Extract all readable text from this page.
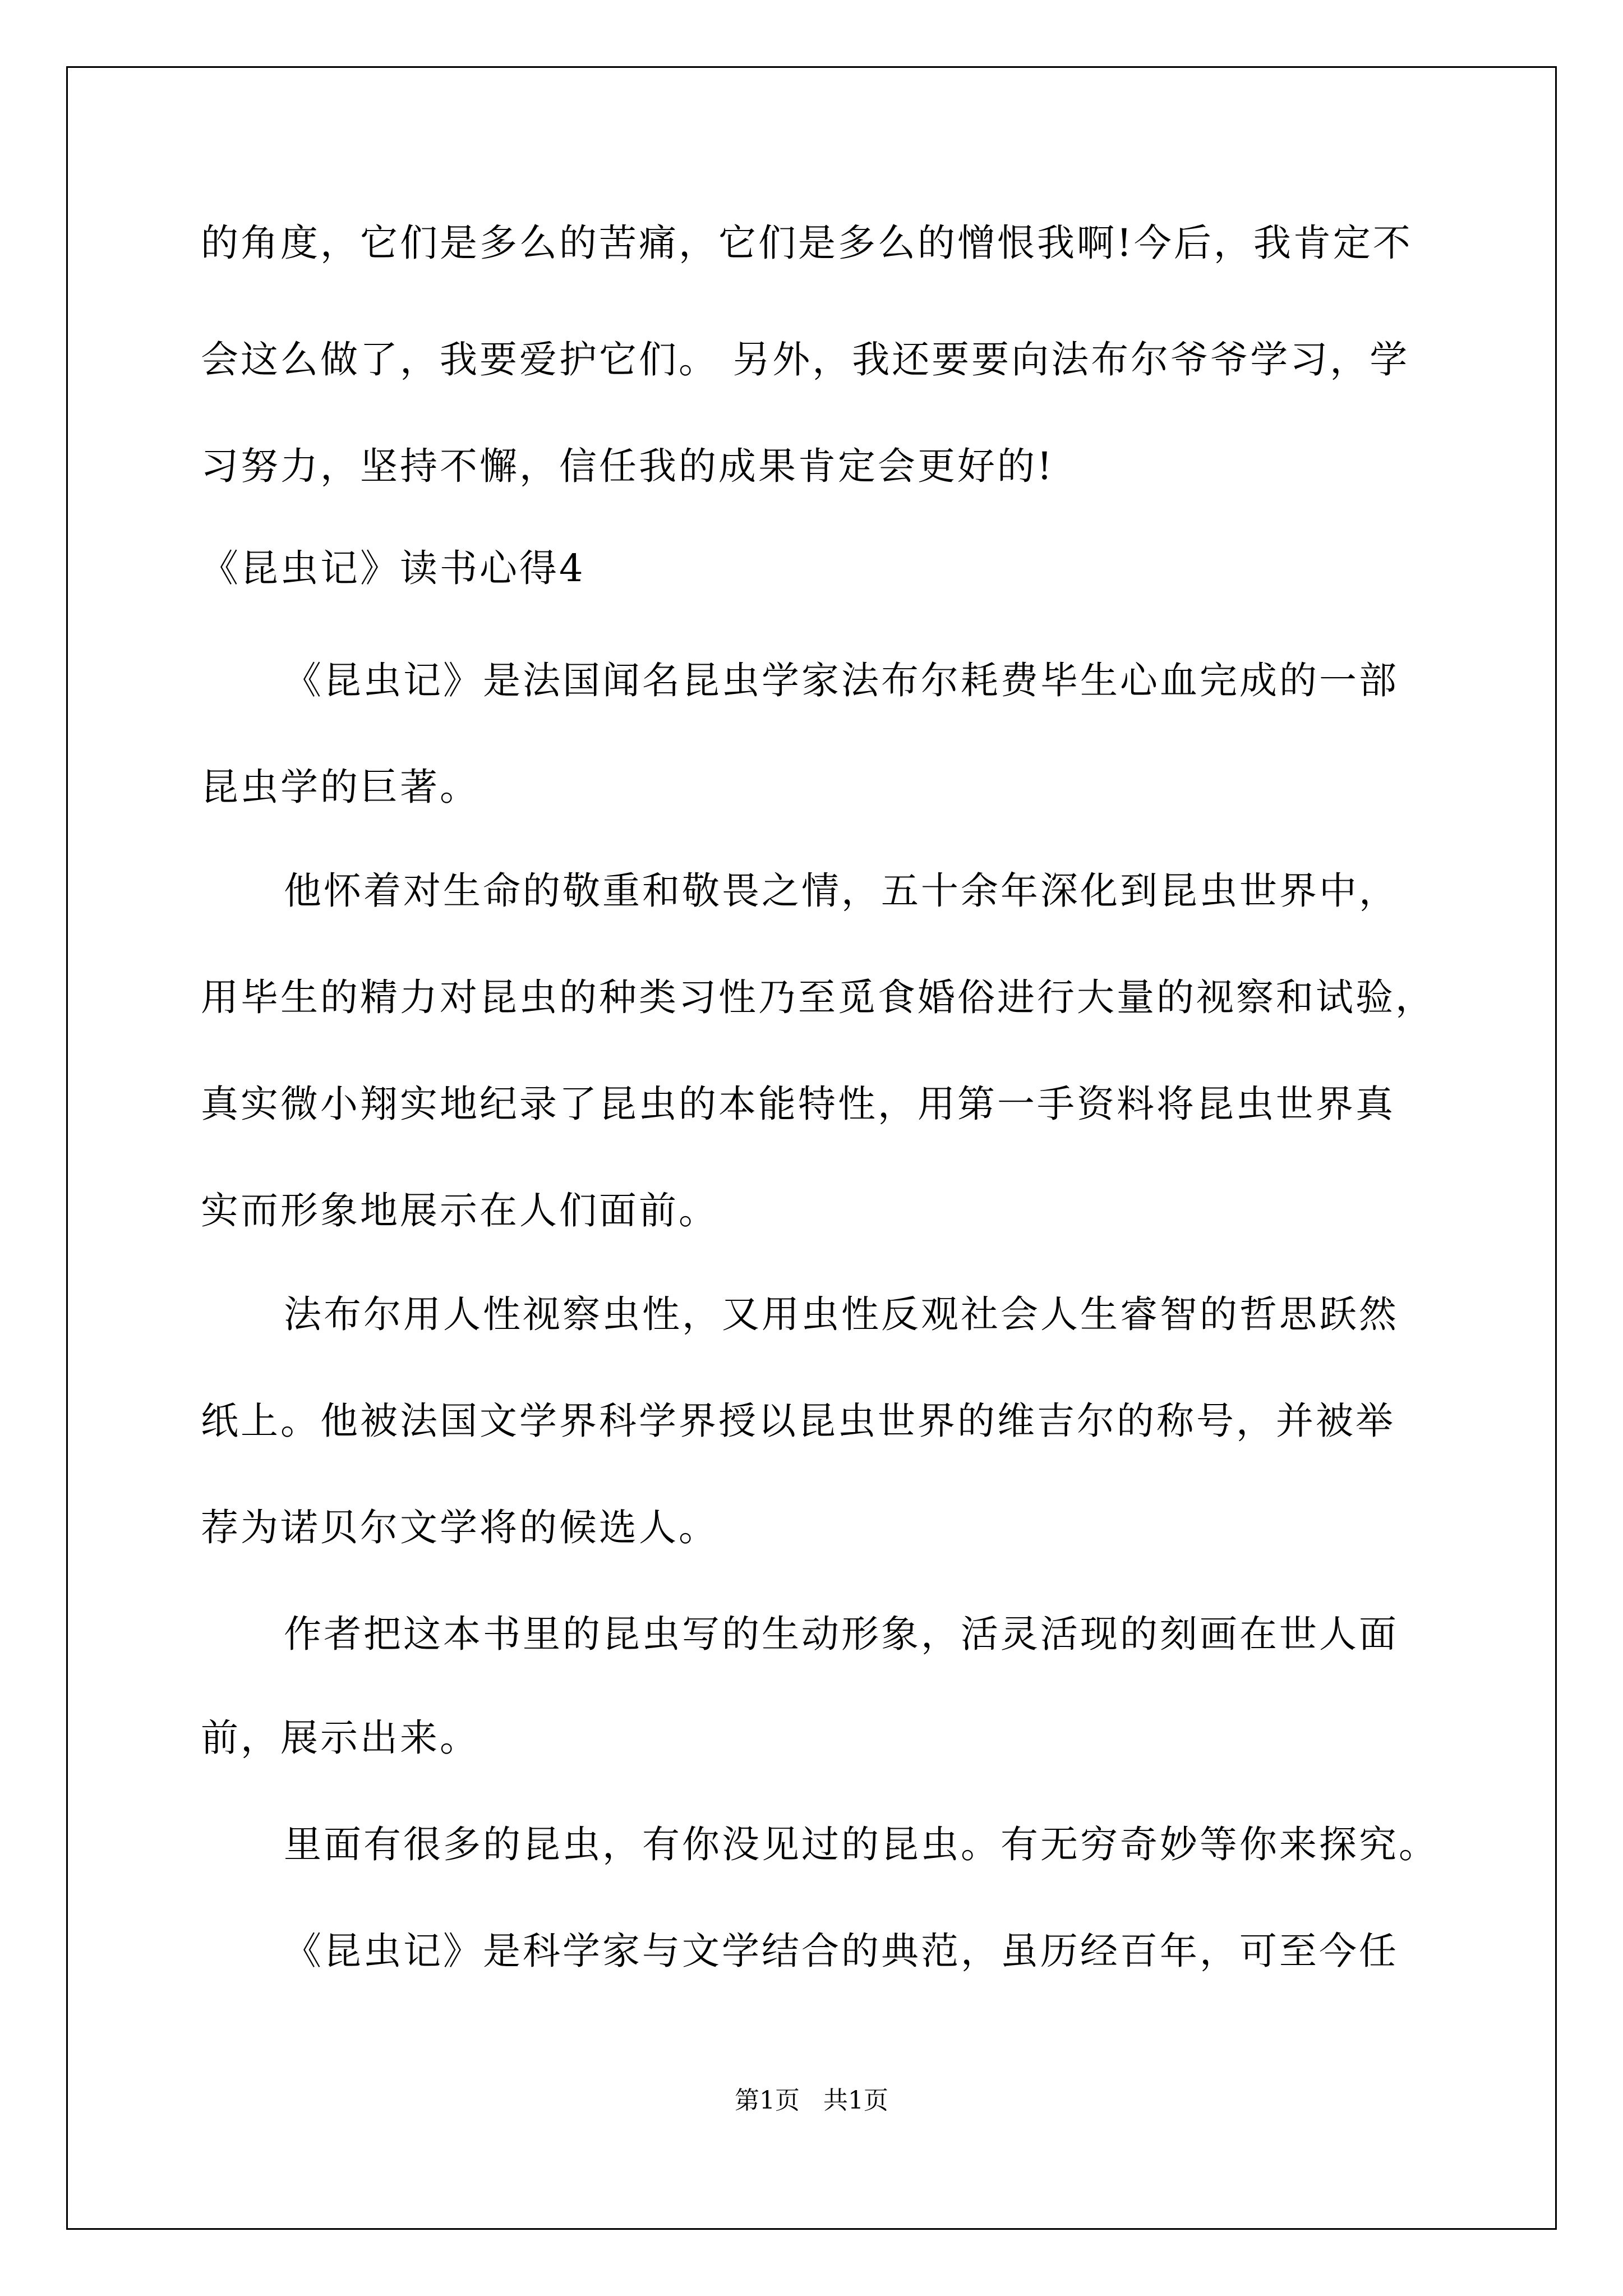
的角度，它们是多么的苦痛，它们是多么的憎恨我啊!今后，我肯定不
会这么做了，我要爱护它们。 另外，我还要要向法布尔爷爷学习，学
习努力，坚持不懈，信任我的成果肯定会更好的!
《昆虫记》读书心得4
《昆虫记》是法国闻名昆虫学家法布尔耗费毕生心血完成的一部
昆虫学的巨著。
他怀着对生命的敬重和敬畏之情，五十余年深化到昆虫世界中，
用毕生的精力对昆虫的种类习性乃至觅食婚俗进行大量的视察和试验，
真实微小翔实地纪录了昆虫的本能特性，用第一手资料将昆虫世界真
实而形象地展示在人们面前。
法布尔用人性视察虫性，又用虫性反观社会人生睿智的哲思跃然
纸上。他被法国文学界科学界授以昆虫世界的维吉尔的称号，并被举
荐为诺贝尔文学将的候选人。
作者把这本书里的昆虫写的生动形象，活灵活现的刻画在世人面
前，展示出来。
里面有很多的昆虫，有你没见过的昆虫。有无穷奇妙等你来探究。
《昆虫记》是科学家与文学结合的典范，虽历经百年，可至今任
第1页   共1页
